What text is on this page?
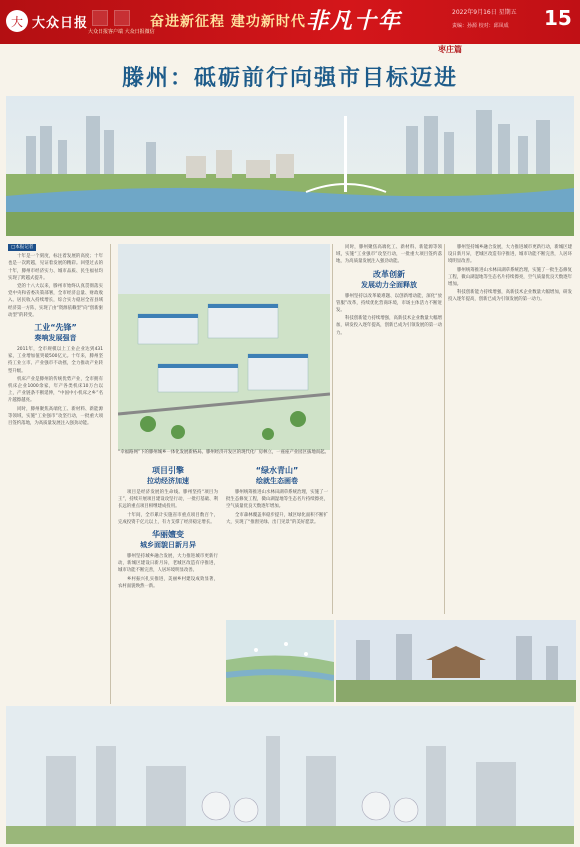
大 大众日报
大众日报客户端 大众日报微信
奋进新征程 建功新时代 非凡十年	2022年9月16日 星期五
责编：孙源 校对：邱凤成 15
枣庄篇
滕州：砥砺前行向强市目标迈进
□本报记者

十年是一个刻度，标注着发展的高度；十年也是一次跨越，见证着发展的精彩。回望过去的十年，滕州市经济实力、城市品质、民生福祉均实现了跨越式提升。

党的十八大以来，滕州市始终认真贯彻落实党中央和省委决策部署，全市经济总量、财政收入、居民收入持续增长，综合实力稳居全省县域经济第一方阵，实现了由“资源依赖型”向“创新驱动型”的转变。

工业“先锋”
奏响发展强音

2011年，全市规模以上工业企业达到431家，工业增加值突破500亿元。十年来，滕州坚持工业立市、产业强市不动摇，全力推动产业转型升级。

机床产业是滕州的传统优势产业，全市拥有机床企业1000余家，年产各类机床10万台以上，产业链条不断延伸，“中国中小机床之乡”名片越擦越亮。

同时，滕州聚焦高端化工、新材料、新能源等领域，实施“工业强市”攻坚行动，一批重大项目签约落地，为高质量发展注入强劲动能。

“幸福路网”下的滕州城乡一体化发展新格局。滕州经济开发区的现代化厂房林立，一座座产业园区拔地而起。
项目引擎
拉动经济加速

项目是经济发展的生命线。滕州坚持“项目为王”，持续开展项目建设攻坚行动，一批打基础、利长远的重点项目相继建成投用。

十年间，全市累计实施省市重点项目数百个，完成投资千亿元以上，有力支撑了经济稳定增长。

华丽嬗变
城乡面貌日新月异

滕州坚持城乡融合发展，大力推进城市更新行动，新城区建设日新月异，老城区改造有序推进，城市功能不断完善，人居环境明显改善。

乡村振兴扎实推进，美丽乡村建设成效显著，农村面貌焕然一新。

“绿水青山”
绘就生态画卷

滕州统筹推进山水林田湖草系统治理，实施了一批生态修复工程，微山湖湿地等生态名片持续擦亮，空气质量优良天数逐年增加。

全市森林覆盖率稳步提升，城区绿化面积不断扩大，实现了“推窗见绿、出门见景”的美好愿景。

同时，滕州聚焦高端化工、新材料、新能源等领域，实施“工业强市”攻坚行动，一批重大项目签约落地，为高质量发展注入强劲动能。

改革创新
发展动力全面释放

滕州坚持以改革破难题、以创新增动能，深化“放管服”改革，持续优化营商环境，市场主体活力不断迸发。

科技创新能力持续增强，高新技术企业数量大幅增加，研发投入逐年提高，创新已成为引领发展的第一动力。

滕州坚持城乡融合发展，大力推进城市更新行动，新城区建设日新月异，老城区改造有序推进，城市功能不断完善，人居环境明显改善。

滕州统筹推进山水林田湖草系统治理，实施了一批生态修复工程，微山湖湿地等生态名片持续擦亮，空气质量优良天数逐年增加。

科技创新能力持续增强，高新技术企业数量大幅增加，研发投入逐年提高，创新已成为引领发展的第一动力。
